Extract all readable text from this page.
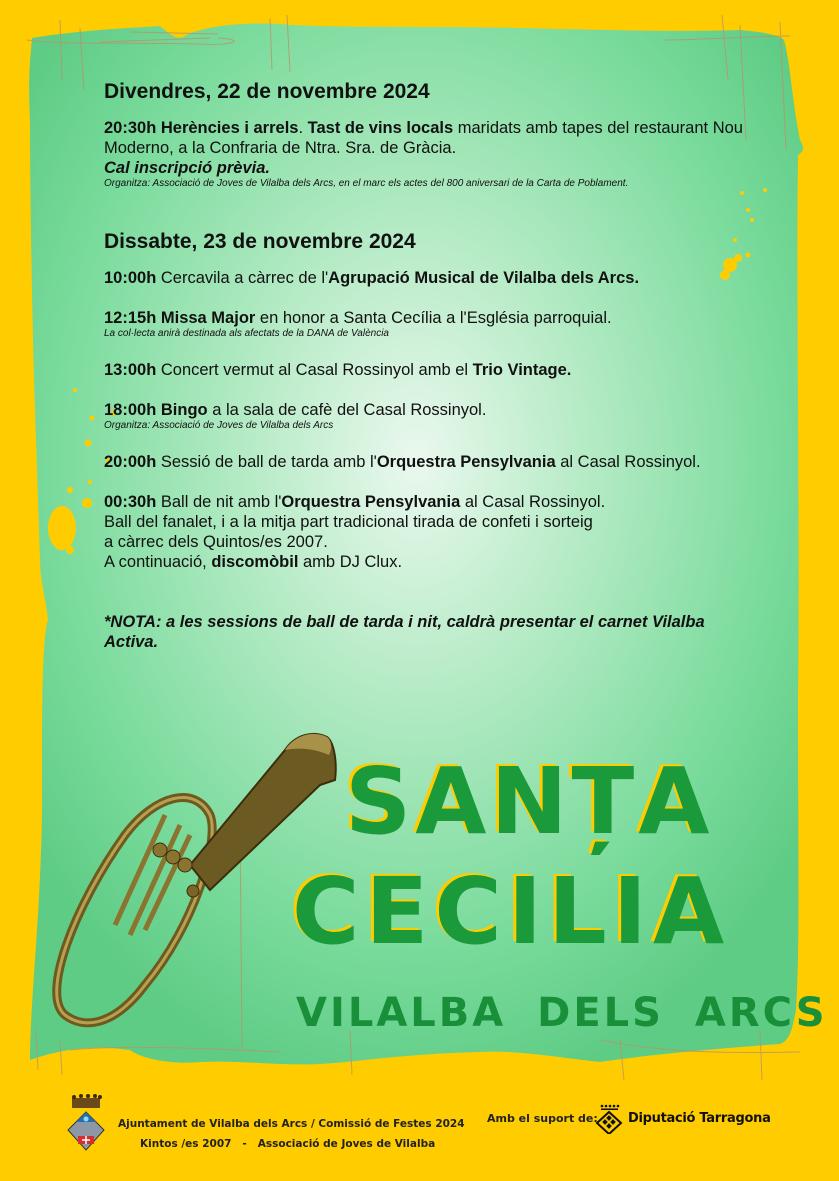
Divendres, 22 de novembre 2024
20:30h Herències i arrels. Tast de vins locals maridats amb tapes del restaurant Nou Moderno, a la Confraria de Ntra. Sra. de Gràcia.
Cal inscripció prèvia.
Organitza: Associació de Joves de Vilalba dels Arcs, en el marc els actes del 800 aniversari de la Carta de Poblament.
Dissabte, 23 de novembre 2024
10:00h Cercavila a càrrec de l'Agrupació Musical de Vilalba dels Arcs.
12:15h Missa Major en honor a Santa Cecília a l'Església parroquial.
La col·lecta anirà destinada als afectats de la DANA de València
13:00h Concert vermut al Casal Rossinyol amb el Trio Vintage.
18:00h Bingo a la sala de cafè del Casal Rossinyol.
Organitza: Associació de Joves de Vilalba dels Arcs
20:00h Sessió de ball de tarda amb l'Orquestra Pensylvania al Casal Rossinyol.
00:30h Ball de nit amb l'Orquestra Pensylvania al Casal Rossinyol.
Ball del fanalet, i a la mitja part tradicional tirada de confeti i sorteig
a càrrec dels Quintos/es 2007.
A continuació, discomòbil amb DJ Clux.
*NOTA: a les sessions de ball de tarda i nit, caldrà presentar el carnet Vilalba Activa.
SANȚA
CECILIA
VILALBA DELS ARCS
Ajuntament de Vilalba dels Arcs / Comissió de Festes 2024
Kintos /es 2007   -   Associació de Joves de Vilalba
Amb el suport de: Diputació Tarragona
